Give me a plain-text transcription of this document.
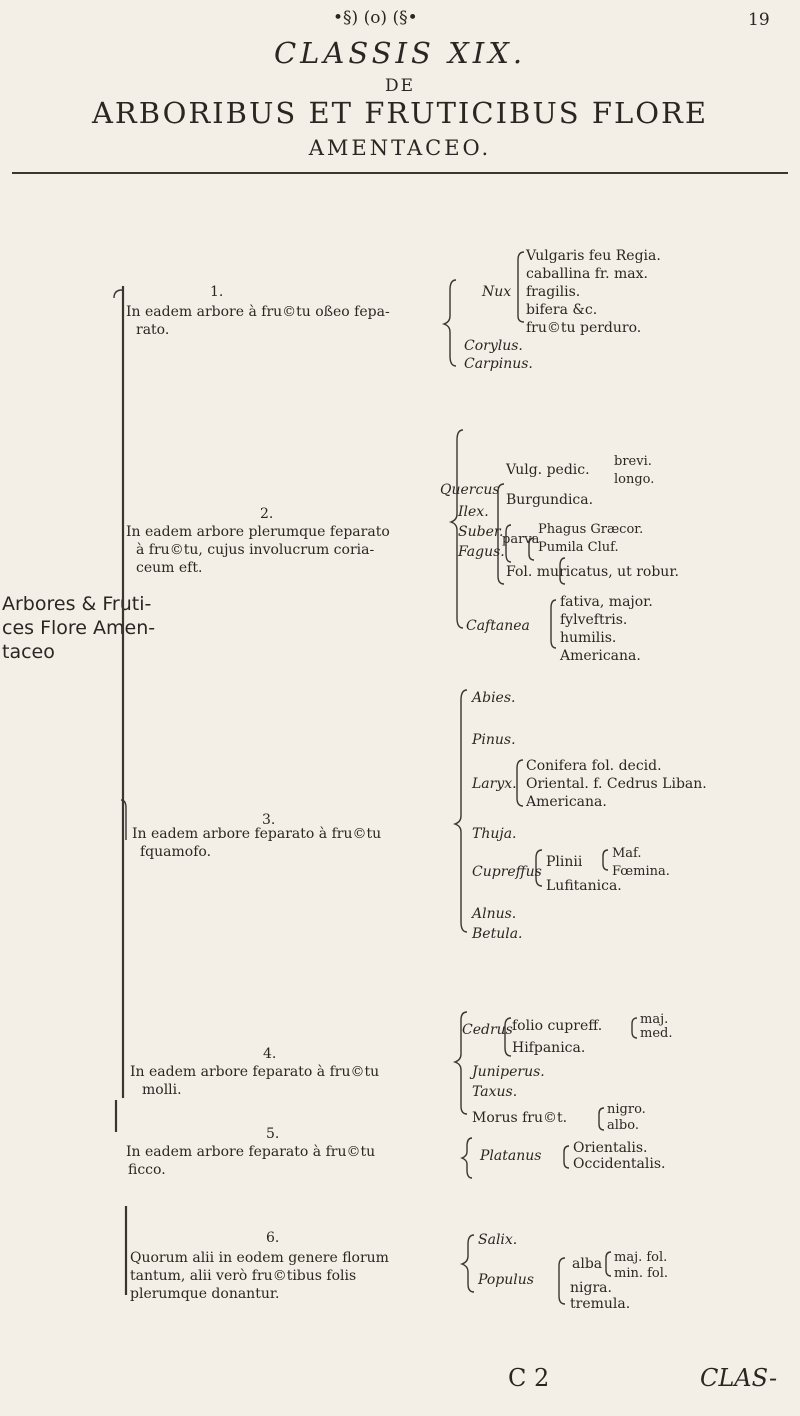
•§) (o) (§•	19
CLASSIS XIX.
DE
ARBORIBUS ET FRUTICIBUS FLORE
AMENTACEO.
Arbores & Fruti-
ces Flore Amen-
taceo
1.
In eadem arbore à fru©tu oßeo fepa-
rato.
Nux
Vulgaris feu Regia.
caballina fr. max.
fragilis.
bifera &c.
fru©tu perduro.
Corylus.
Carpinus.
2.
In eadem arbore plerumque feparato
à fru©tu, cujus involucrum coria-
ceum eft.
Quercus
Vulg. pedic.
brevi.
longo.
Burgundica.
parva
Phagus Græcor.
Pumila Cluf.
Fol. muricatus, ut robur.
Ilex.
Suber.
Fagus.
Caftanea
fativa, major.
fylveftris.
humilis.
Americana.
3.
In eadem arbore feparato à fru©tu
fquamofo.
Abies.
Pinus.
Laryx.
Conifera fol. decid.
Oriental. f. Cedrus Liban.
Americana.
Thuja.
Cupreffus
Plinii
Maf.
Fœmina.
Lufitanica.
Alnus.
Betula.
4.
In eadem arbore feparato à fru©tu
molli.
Cedrus folio cupreff.	maj.
med.
Hifpanica.
Juniperus.
Taxus.
Morus fru©t.
nigro.
albo.
5.
In eadem arbore feparato à fru©tu
ficco.
Platanus Orientalis.
Occidentalis.
6.
Quorum alii in eodem genere florum
tantum, alii verò fru©tibus folis
plerumque donantur.
Salix.
Populus
alba maj. fol.
min. fol.
nigra.
tremula.
C 2	CLAS-
